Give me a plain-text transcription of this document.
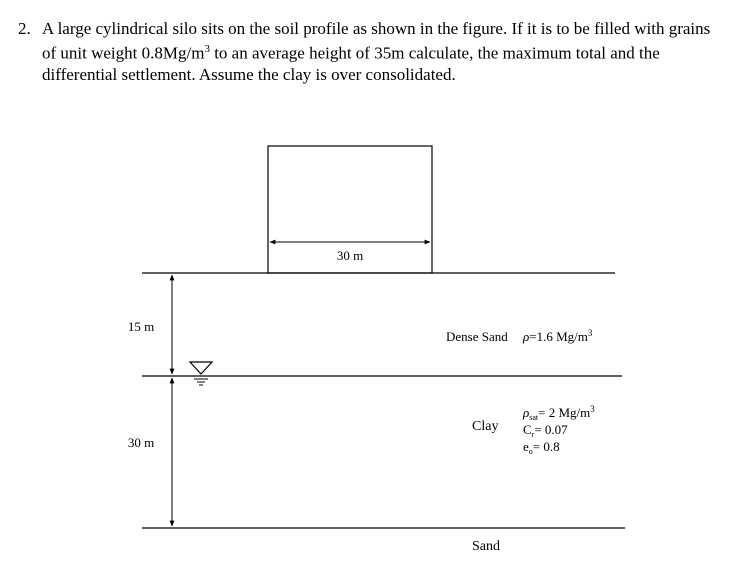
2. A large cylindrical silo sits on the soil profile as shown in the figure. If it is to be filled with grains of unit weight $0.8Mg/m^3$ to an average height of 35m calculate, the maximum total and the differential settlement. Assume the clay is over consolidated.
30 m
15 m
30 m
Dense Sand ρ=1.6 $Mg/m^3$
Clay
$\rho_{sat}= 2$ $Mg/m^3$
$C_r= 0.07$
$e_o= 0.8$
Sand
